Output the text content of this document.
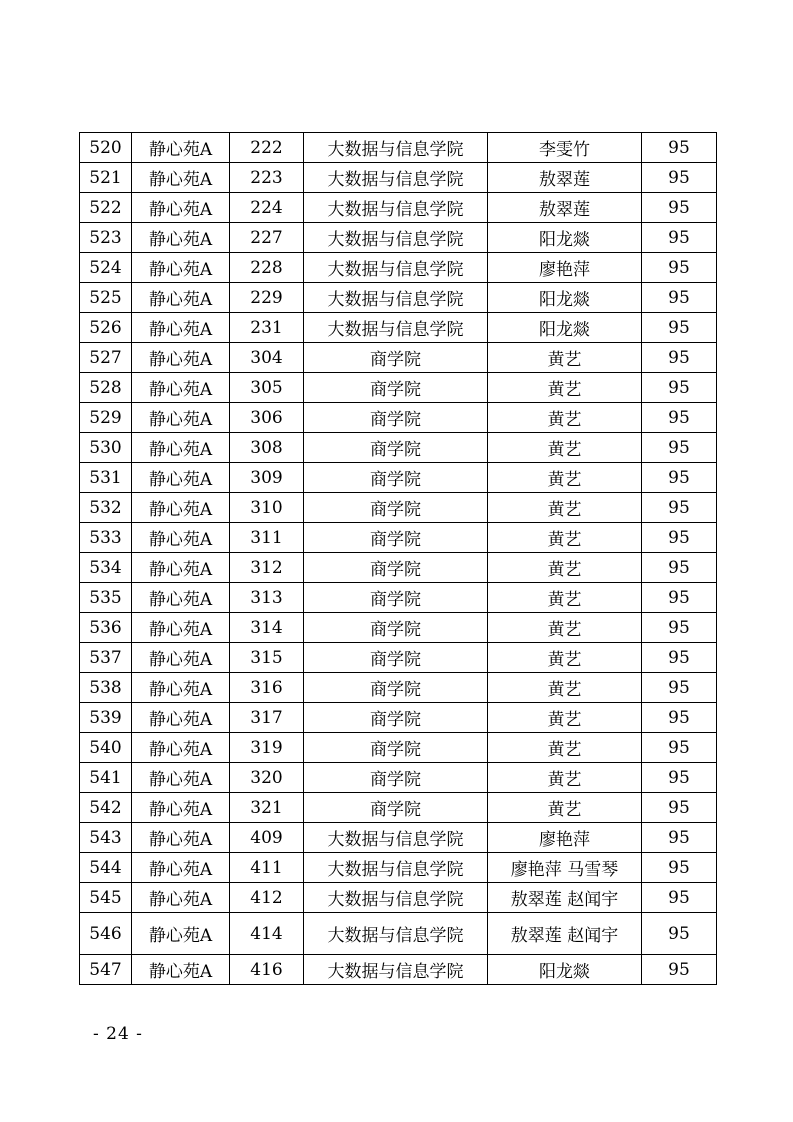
520	静心苑A	222	大数据与信息学院	李雯竹	95
521	静心苑A	223	大数据与信息学院	敖翠莲	95
522	静心苑A	224	大数据与信息学院	敖翠莲	95
523	静心苑A	227	大数据与信息学院	阳龙燚	95
524	静心苑A	228	大数据与信息学院	廖艳萍	95
525	静心苑A	229	大数据与信息学院	阳龙燚	95
526	静心苑A	231	大数据与信息学院	阳龙燚	95
527	静心苑A	304	商学院	黄艺	95
528	静心苑A	305	商学院	黄艺	95
529	静心苑A	306	商学院	黄艺	95
530	静心苑A	308	商学院	黄艺	95
531	静心苑A	309	商学院	黄艺	95
532	静心苑A	310	商学院	黄艺	95
533	静心苑A	311	商学院	黄艺	95
534	静心苑A	312	商学院	黄艺	95
535	静心苑A	313	商学院	黄艺	95
536	静心苑A	314	商学院	黄艺	95
537	静心苑A	315	商学院	黄艺	95
538	静心苑A	316	商学院	黄艺	95
539	静心苑A	317	商学院	黄艺	95
540	静心苑A	319	商学院	黄艺	95
541	静心苑A	320	商学院	黄艺	95
542	静心苑A	321	商学院	黄艺	95
543	静心苑A	409	大数据与信息学院	廖艳萍	95
544	静心苑A	411	大数据与信息学院	廖艳萍 马雪琴	95
545	静心苑A	412	大数据与信息学院	敖翠莲 赵闻宇	95
546	静心苑A	414	大数据与信息学院	敖翠莲 赵闻宇	95
547	静心苑A	416	大数据与信息学院	阳龙燚	95
- 24 -
